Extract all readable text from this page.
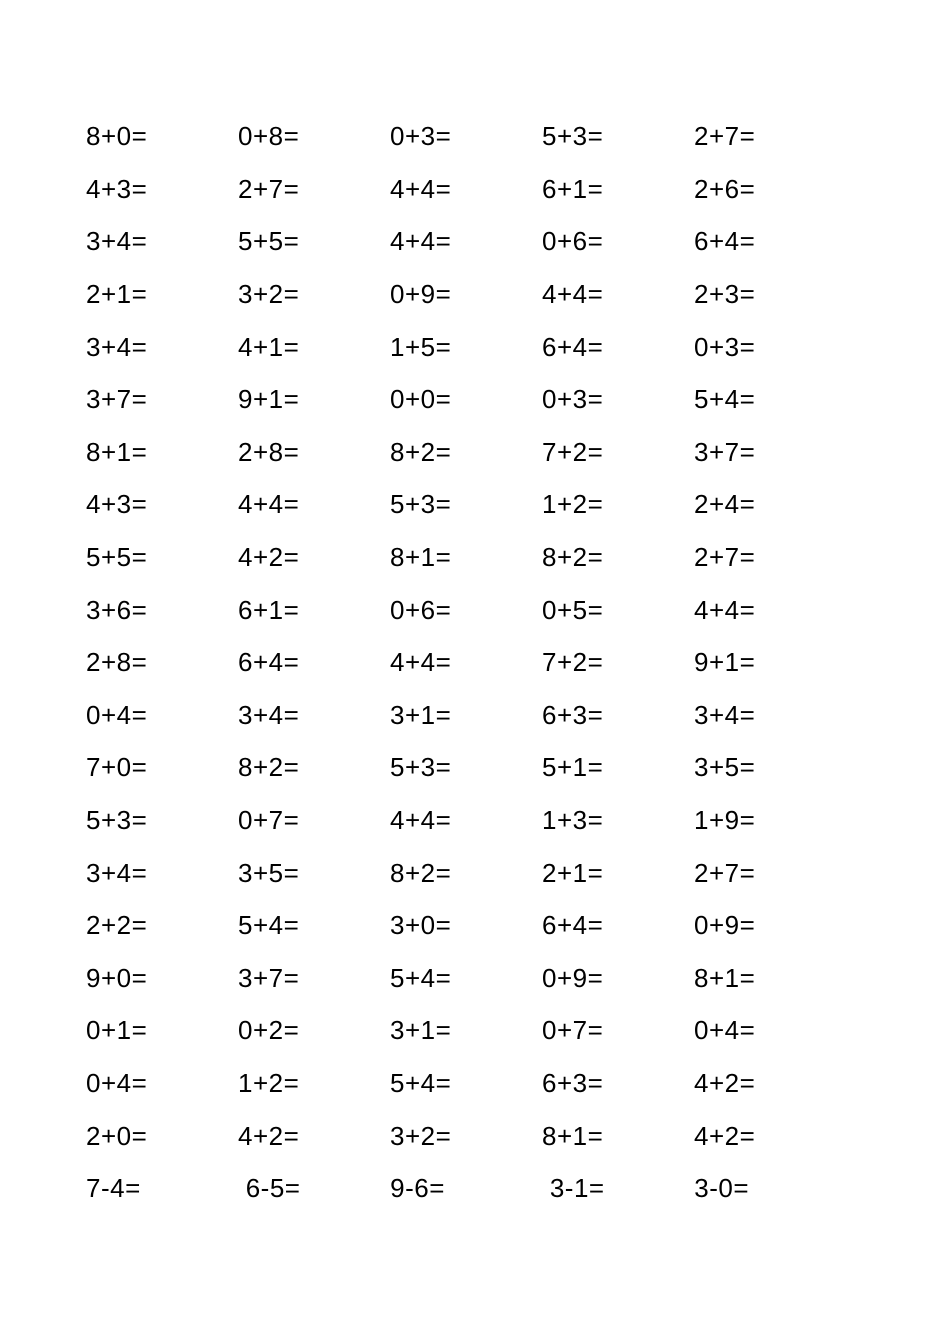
8+0=	0+8=	0+3=	5+3=	2+7=
4+3=	2+7=	4+4=	6+1=	2+6=
3+4=	5+5=	4+4=	0+6=	6+4=
2+1=	3+2=	0+9=	4+4=	2+3=
3+4=	4+1=	1+5=	6+4=	0+3=
3+7=	9+1=	0+0=	0+3=	5+4=
8+1=	2+8=	8+2=	7+2=	3+7=
4+3=	4+4=	5+3=	1+2=	2+4=
5+5=	4+2=	8+1=	8+2=	2+7=
3+6=	6+1=	0+6=	0+5=	4+4=
2+8=	6+4=	4+4=	7+2=	9+1=
0+4=	3+4=	3+1=	6+3=	3+4=
7+0=	8+2=	5+3=	5+1=	3+5=
5+3=	0+7=	4+4=	1+3=	1+9=
3+4=	3+5=	8+2=	2+1=	2+7=
2+2=	5+4=	3+0=	6+4=	0+9=
9+0=	3+7=	5+4=	0+9=	8+1=
0+1=	0+2=	3+1=	0+7=	0+4=
0+4=	1+2=	5+4=	6+3=	4+2=
2+0=	4+2=	3+2=	8+1=	4+2=
7-4=	6-5=	9-6=	3-1=	3-0=
